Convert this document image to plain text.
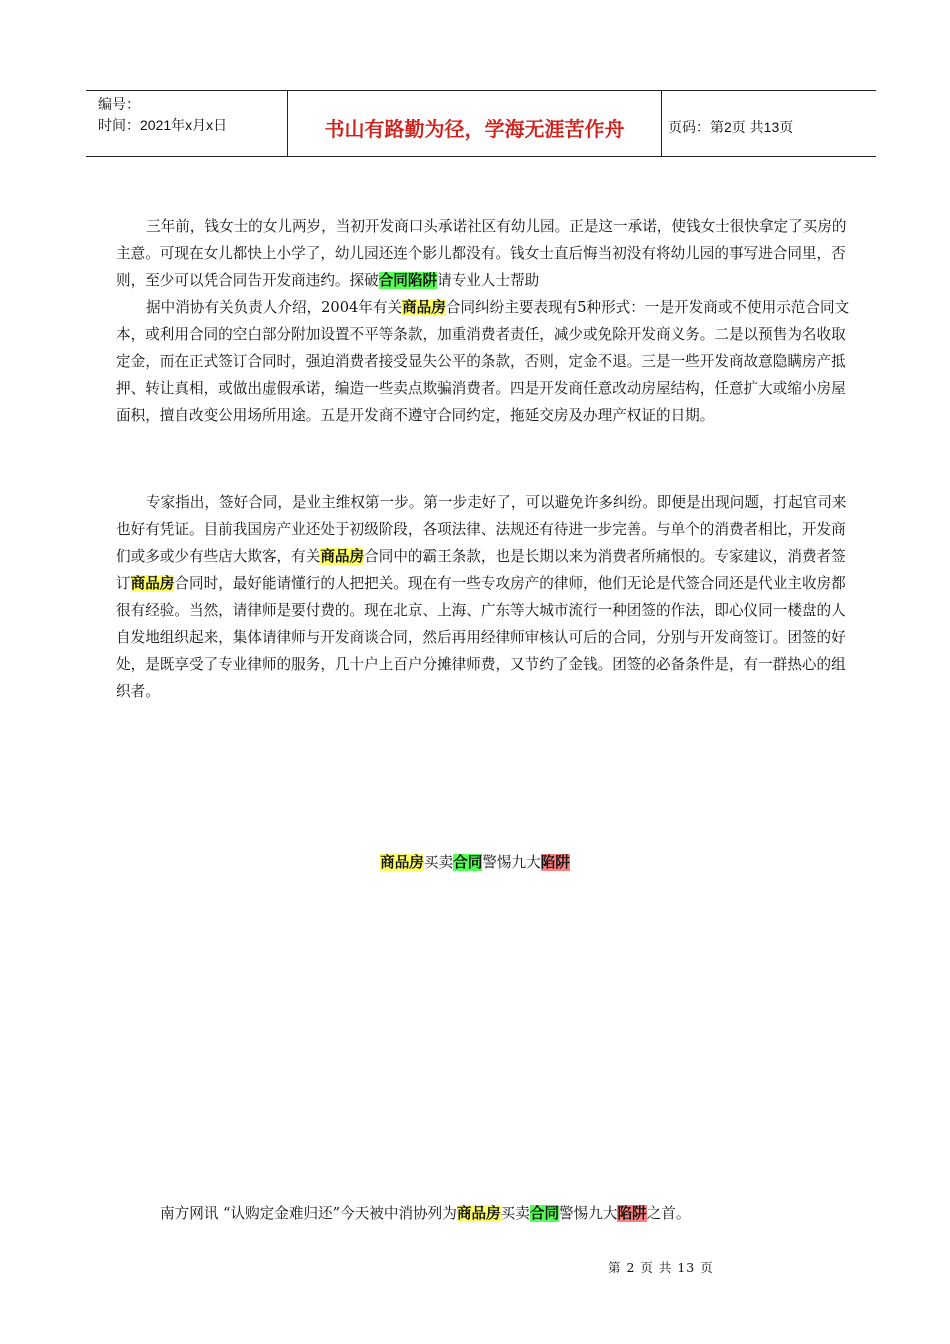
编号：
时间：2021年x月x日	书山有路勤为径，学海无涯苦作舟	页码：第2页 共13页

三年前，钱女士的女儿两岁，当初开发商口头承诺社区有幼儿园。正是这一承诺，使钱女士很快拿定了买房的主意。可现在女儿都快上小学了，幼儿园还连个影儿都没有。钱女士直后悔当初没有将幼儿园的事写进合同里，否则，至少可以凭合同告开发商违约。探破合同陷阱请专业人士帮助

据中消协有关负责人介绍，2004年有关商品房合同纠纷主要表现有5种形式：一是开发商或不使用示范合同文本，或利用合同的空白部分附加设置不平等条款，加重消费者责任，减少或免除开发商义务。二是以预售为名收取定金，而在正式签订合同时，强迫消费者接受显失公平的条款，否则，定金不退。三是一些开发商故意隐瞒房产抵押、转让真相，或做出虚假承诺，编造一些卖点欺骗消费者。四是开发商任意改动房屋结构，任意扩大或缩小房屋面积，擅自改变公用场所用途。五是开发商不遵守合同约定，拖延交房及办理产权证的日期。

专家指出，签好合同，是业主维权第一步。第一步走好了，可以避免许多纠纷。即便是出现问题，打起官司来也好有凭证。目前我国房产业还处于初级阶段，各项法律、法规还有待进一步完善。与单个的消费者相比，开发商们或多或少有些店大欺客，有关商品房合同中的霸王条款，也是长期以来为消费者所痛恨的。专家建议，消费者签订商品房合同时，最好能请懂行的人把把关。现在有一些专攻房产的律师，他们无论是代签合同还是代业主收房都很有经验。当然，请律师是要付费的。现在北京、上海、广东等大城市流行一种团签的作法，即心仪同一楼盘的人自发地组织起来，集体请律师与开发商谈合同，然后再用经律师审核认可后的合同，分别与开发商签订。团签的好处，是既享受了专业律师的服务，几十户上百户分摊律师费，又节约了金钱。团签的必备条件是，有一群热心的组织者。

商品房买卖合同警惕九大陷阱

南方网讯 “认购定金难归还”今天被中消协列为商品房买卖合同警惕九大陷阱之首。

第 2 页 共 13 页
